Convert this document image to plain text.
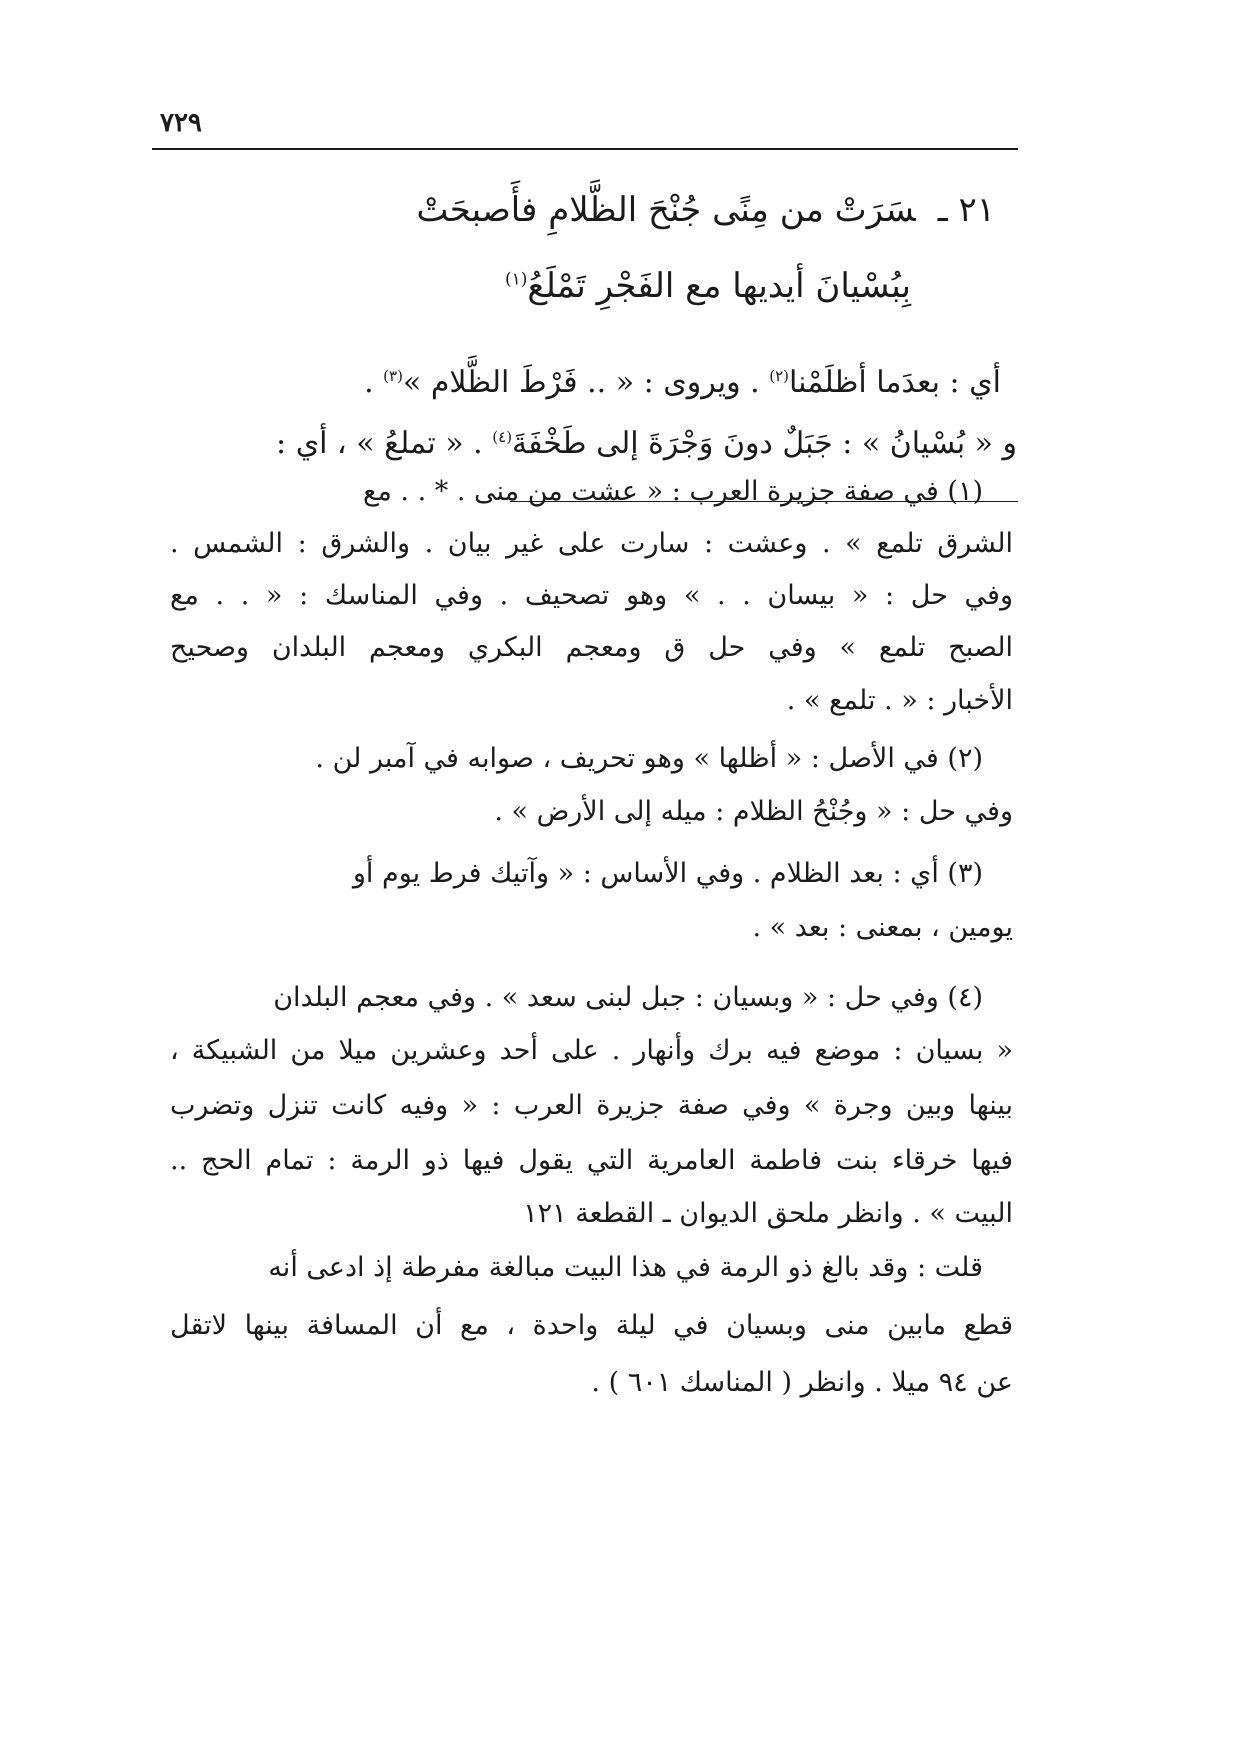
٧٢٩
٢١ ـسَرَتْ من مِنًى جُنْحَ الظَّلامِ فأَصبحَتْ
بِبُسْيانَ أيديها مع الفَجْرِ تَمْلَعُ$^{(١)}$
أي : بعدَما أظلَمْنا$^{(٢)}$ . ويروى : « .. فَرْطَ الظَّلام »$^{(٣)}$ .
و « بُسْيانُ » : جَبَلٌ دونَ وَجْرَةَ إلى طَخْفَةَ$^{(٤)}$ . « تملعُ » ، أي :
(١) في صفة جزيرة العرب : « عشت من منى . * . . مع
الشرق تلمع » . وعشت : سارت على غير بيان . والشرق : الشمس .
وفي حل : « بيسان . . » وهو تصحيف . وفي المناسك : « . . مع
الصبح تلمع » وفي حل ق ومعجم البكري ومعجم البلدان وصحيح
الأخبار : « . تلمع » .
(٢) في الأصل : « أظلها » وهو تحريف ، صوابه في آمبر لن .
وفي حل : « وجُنْحُ الظلام : ميله إلى الأرض » .
(٣) أي : بعد الظلام . وفي الأساس : « وآتيك فرط يوم أو
يومين ، بمعنى : بعد » .
(٤) وفي حل : « وبسيان : جبل لبنى سعد » . وفي معجم البلدان
« بسيان : موضع فيه برك وأنهار . على أحد وعشرين ميلا من الشبيكة ،
بينها وبين وجرة » وفي صفة جزيرة العرب : « وفيه كانت تنزل وتضرب
فيها خرقاء بنت فاطمة العامرية التي يقول فيها ذو الرمة : تمام الحج ..
البيت » . وانظر ملحق الديوان ـ القطعة ١٢١
قلت : وقد بالغ ذو الرمة في هذا البيت مبالغة مفرطة إذ ادعى أنه
قطع مابين منى وبسيان في ليلة واحدة ، مع أن المسافة بينها لاتقل
عن ٩٤ ميلا . وانظر ( المناسك ٦٠١ ) .
